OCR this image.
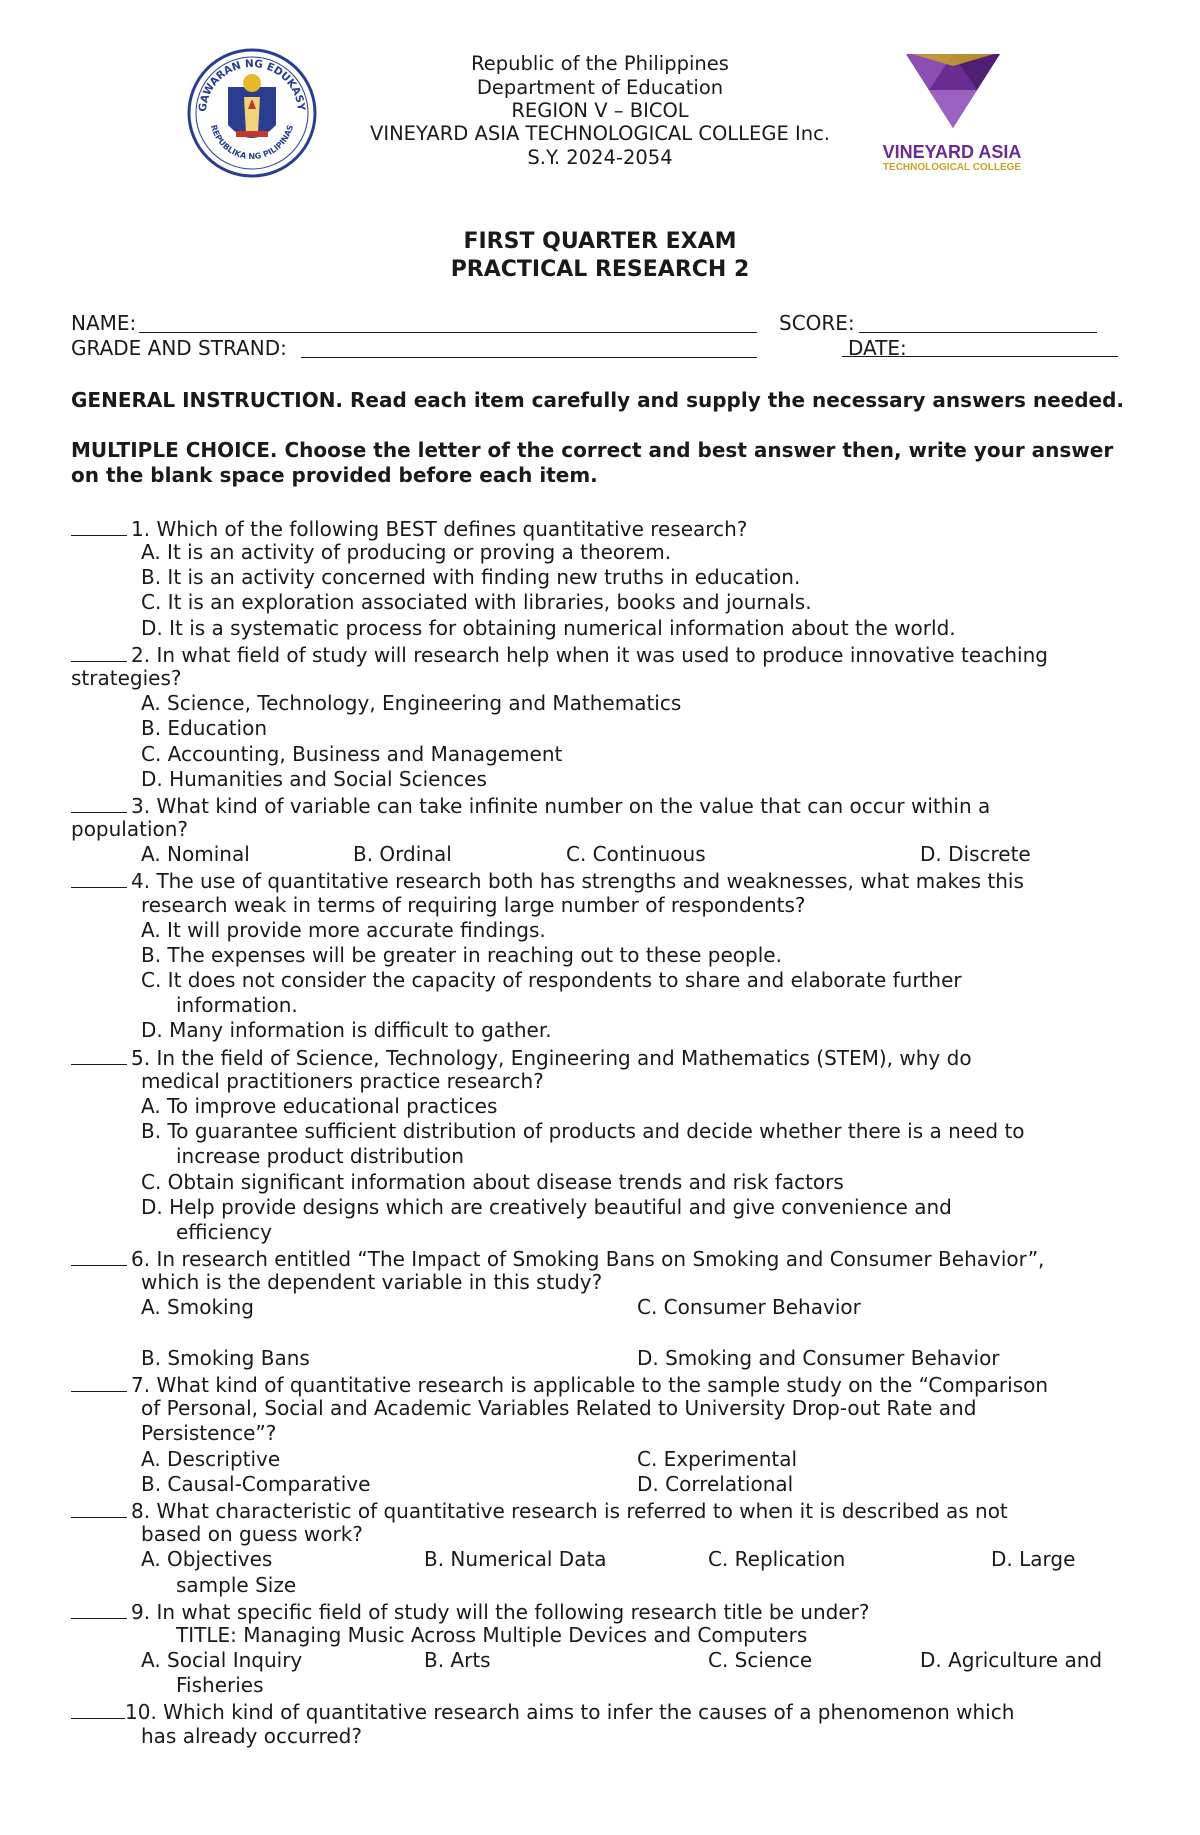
GAWARAN NG EDUKASY
REPUBLIKA NG PILIPINAS
Republic of the Philippines
Department of Education
REGION V – BICOL
VINEYARD ASIA TECHNOLOGICAL COLLEGE Inc.
S.Y. 2024-2054	VINEYARD ASIA
TECHNOLOGICAL COLLEGE
FIRST QUARTER EXAM
PRACTICAL RESEARCH 2
NAME:	SCORE:
GRADE AND STRAND:	DATE:
GENERAL INSTRUCTION. Read each item carefully and supply the necessary answers needed.
MULTIPLE CHOICE. Choose the letter of the correct and best answer then, write your answer on the blank space provided before each item.
1. Which of the following BEST defines quantitative research?
A. It is an activity of producing or proving a theorem.
B. It is an activity concerned with finding new truths in education.
C. It is an exploration associated with libraries, books and journals.
D. It is a systematic process for obtaining numerical information about the world.
2. In what field of study will research help when it was used to produce innovative teaching
strategies?
A. Science, Technology, Engineering and Mathematics
B. Education
C. Accounting, Business and Management
D. Humanities and Social Sciences
3. What kind of variable can take infinite number on the value that can occur within a
population?
A. Nominal	B. Ordinal	C. Continuous	D. Discrete
4. The use of quantitative research both has strengths and weaknesses, what makes this
research weak in terms of requiring large number of respondents?
A. It will provide more accurate findings.
B. The expenses will be greater in reaching out to these people.
C. It does not consider the capacity of respondents to share and elaborate further
information.
D. Many information is difficult to gather.
5. In the field of Science, Technology, Engineering and Mathematics (STEM), why do
medical practitioners practice research?
A. To improve educational practices
B. To guarantee sufficient distribution of products and decide whether there is a need to
increase product distribution
C. Obtain significant information about disease trends and risk factors
D. Help provide designs which are creatively beautiful and give convenience and
efficiency
6. In research entitled “The Impact of Smoking Bans on Smoking and Consumer Behavior”,
which is the dependent variable in this study?
A. Smoking	C. Consumer Behavior
B. Smoking Bans	D. Smoking and Consumer Behavior
7. What kind of quantitative research is applicable to the sample study on the “Comparison
of Personal, Social and Academic Variables Related to University Drop-out Rate and
Persistence”?
A. Descriptive	C. Experimental
B. Causal-Comparative	D. Correlational
8. What characteristic of quantitative research is referred to when it is described as not
based on guess work?
A. Objectives	B. Numerical Data	C. Replication	D. Large
sample Size
9. In what specific field of study will the following research title be under?
TITLE: Managing Music Across Multiple Devices and Computers
A. Social Inquiry	B. Arts	C. Science	D. Agriculture and
Fisheries
10. Which kind of quantitative research aims to infer the causes of a phenomenon which
has already occurred?
